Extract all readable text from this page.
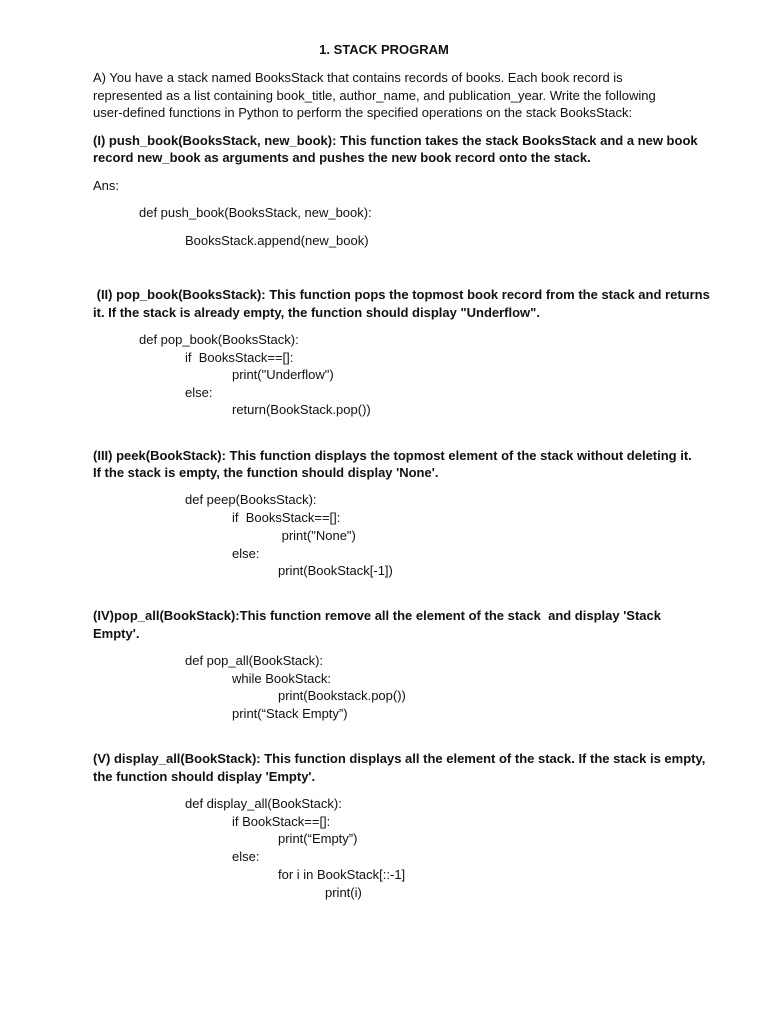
1. STACK PROGRAM
A) You have a stack named BooksStack that contains records of books. Each book record is
represented as a list containing book_title, author_name, and publication_year. Write the following
user-defined functions in Python to perform the specified operations on the stack BooksStack:
(I) push_book(BooksStack, new_book): This function takes the stack BooksStack and a new book
record new_book as arguments and pushes the new book record onto the stack.
Ans:
def push_book(BooksStack, new_book):
BooksStack.append(new_book)
(II) pop_book(BooksStack): This function pops the topmost book record from the stack and returns
it. If the stack is already empty, the function should display "Underflow".
def pop_book(BooksStack):
if  BooksStack==[]:
print("Underflow")
else:
return(BookStack.pop())
(III) peek(BookStack): This function displays the topmost element of the stack without deleting it.
If the stack is empty, the function should display 'None'.
def peep(BooksStack):
if  BooksStack==[]:
print("None")
else:
print(BookStack[-1])
(IV)pop_all(BookStack):This function remove all the element of the stack  and display 'Stack
Empty'.
def pop_all(BookStack):
while BookStack:
print(Bookstack.pop())
print(“Stack Empty”)
(V) display_all(BookStack): This function displays all the element of the stack. If the stack is empty,
the function should display 'Empty'.
def display_all(BookStack):
if BookStack==[]:
print(“Empty”)
else:
for i in BookStack[::-1]
print(i)
